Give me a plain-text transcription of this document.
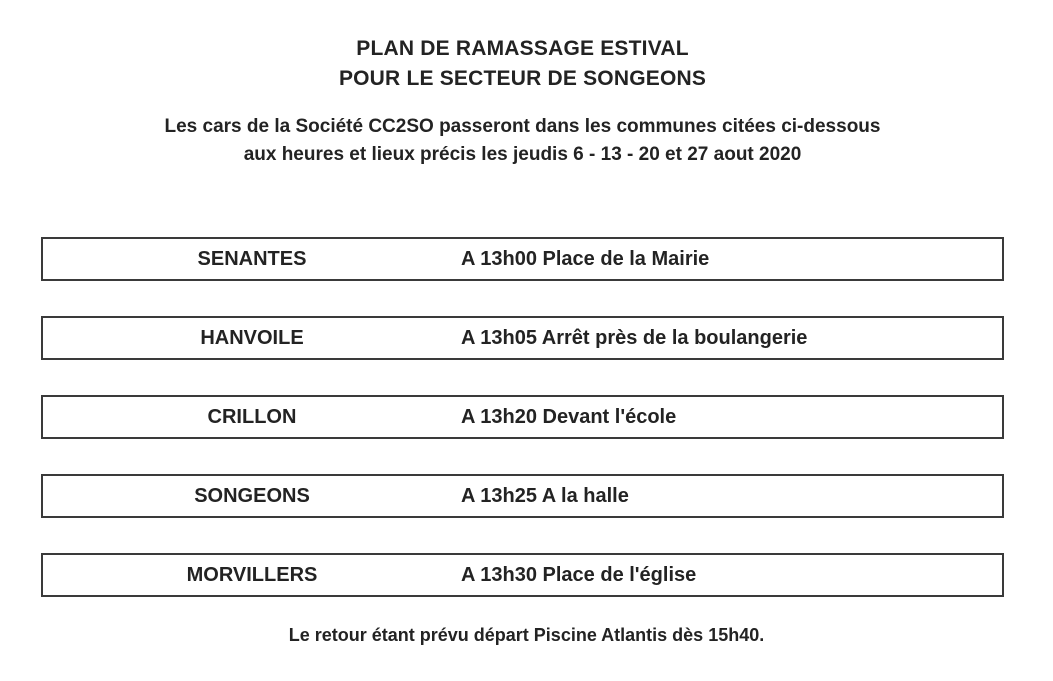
PLAN DE RAMASSAGE ESTIVAL
POUR LE SECTEUR DE SONGEONS
Les cars de la Société CC2SO passeront dans les communes citées ci-dessous
aux heures et lieux précis les jeudis 6 - 13 - 20 et 27 aout 2020
SENANTES	A 13h00 Place de la Mairie
HANVOILE	A 13h05 Arrêt près de la boulangerie
CRILLON	A 13h20 Devant l'école
SONGEONS	A 13h25 A la halle
MORVILLERS	A 13h30 Place de l'église
Le retour étant prévu départ Piscine Atlantis dès 15h40.
